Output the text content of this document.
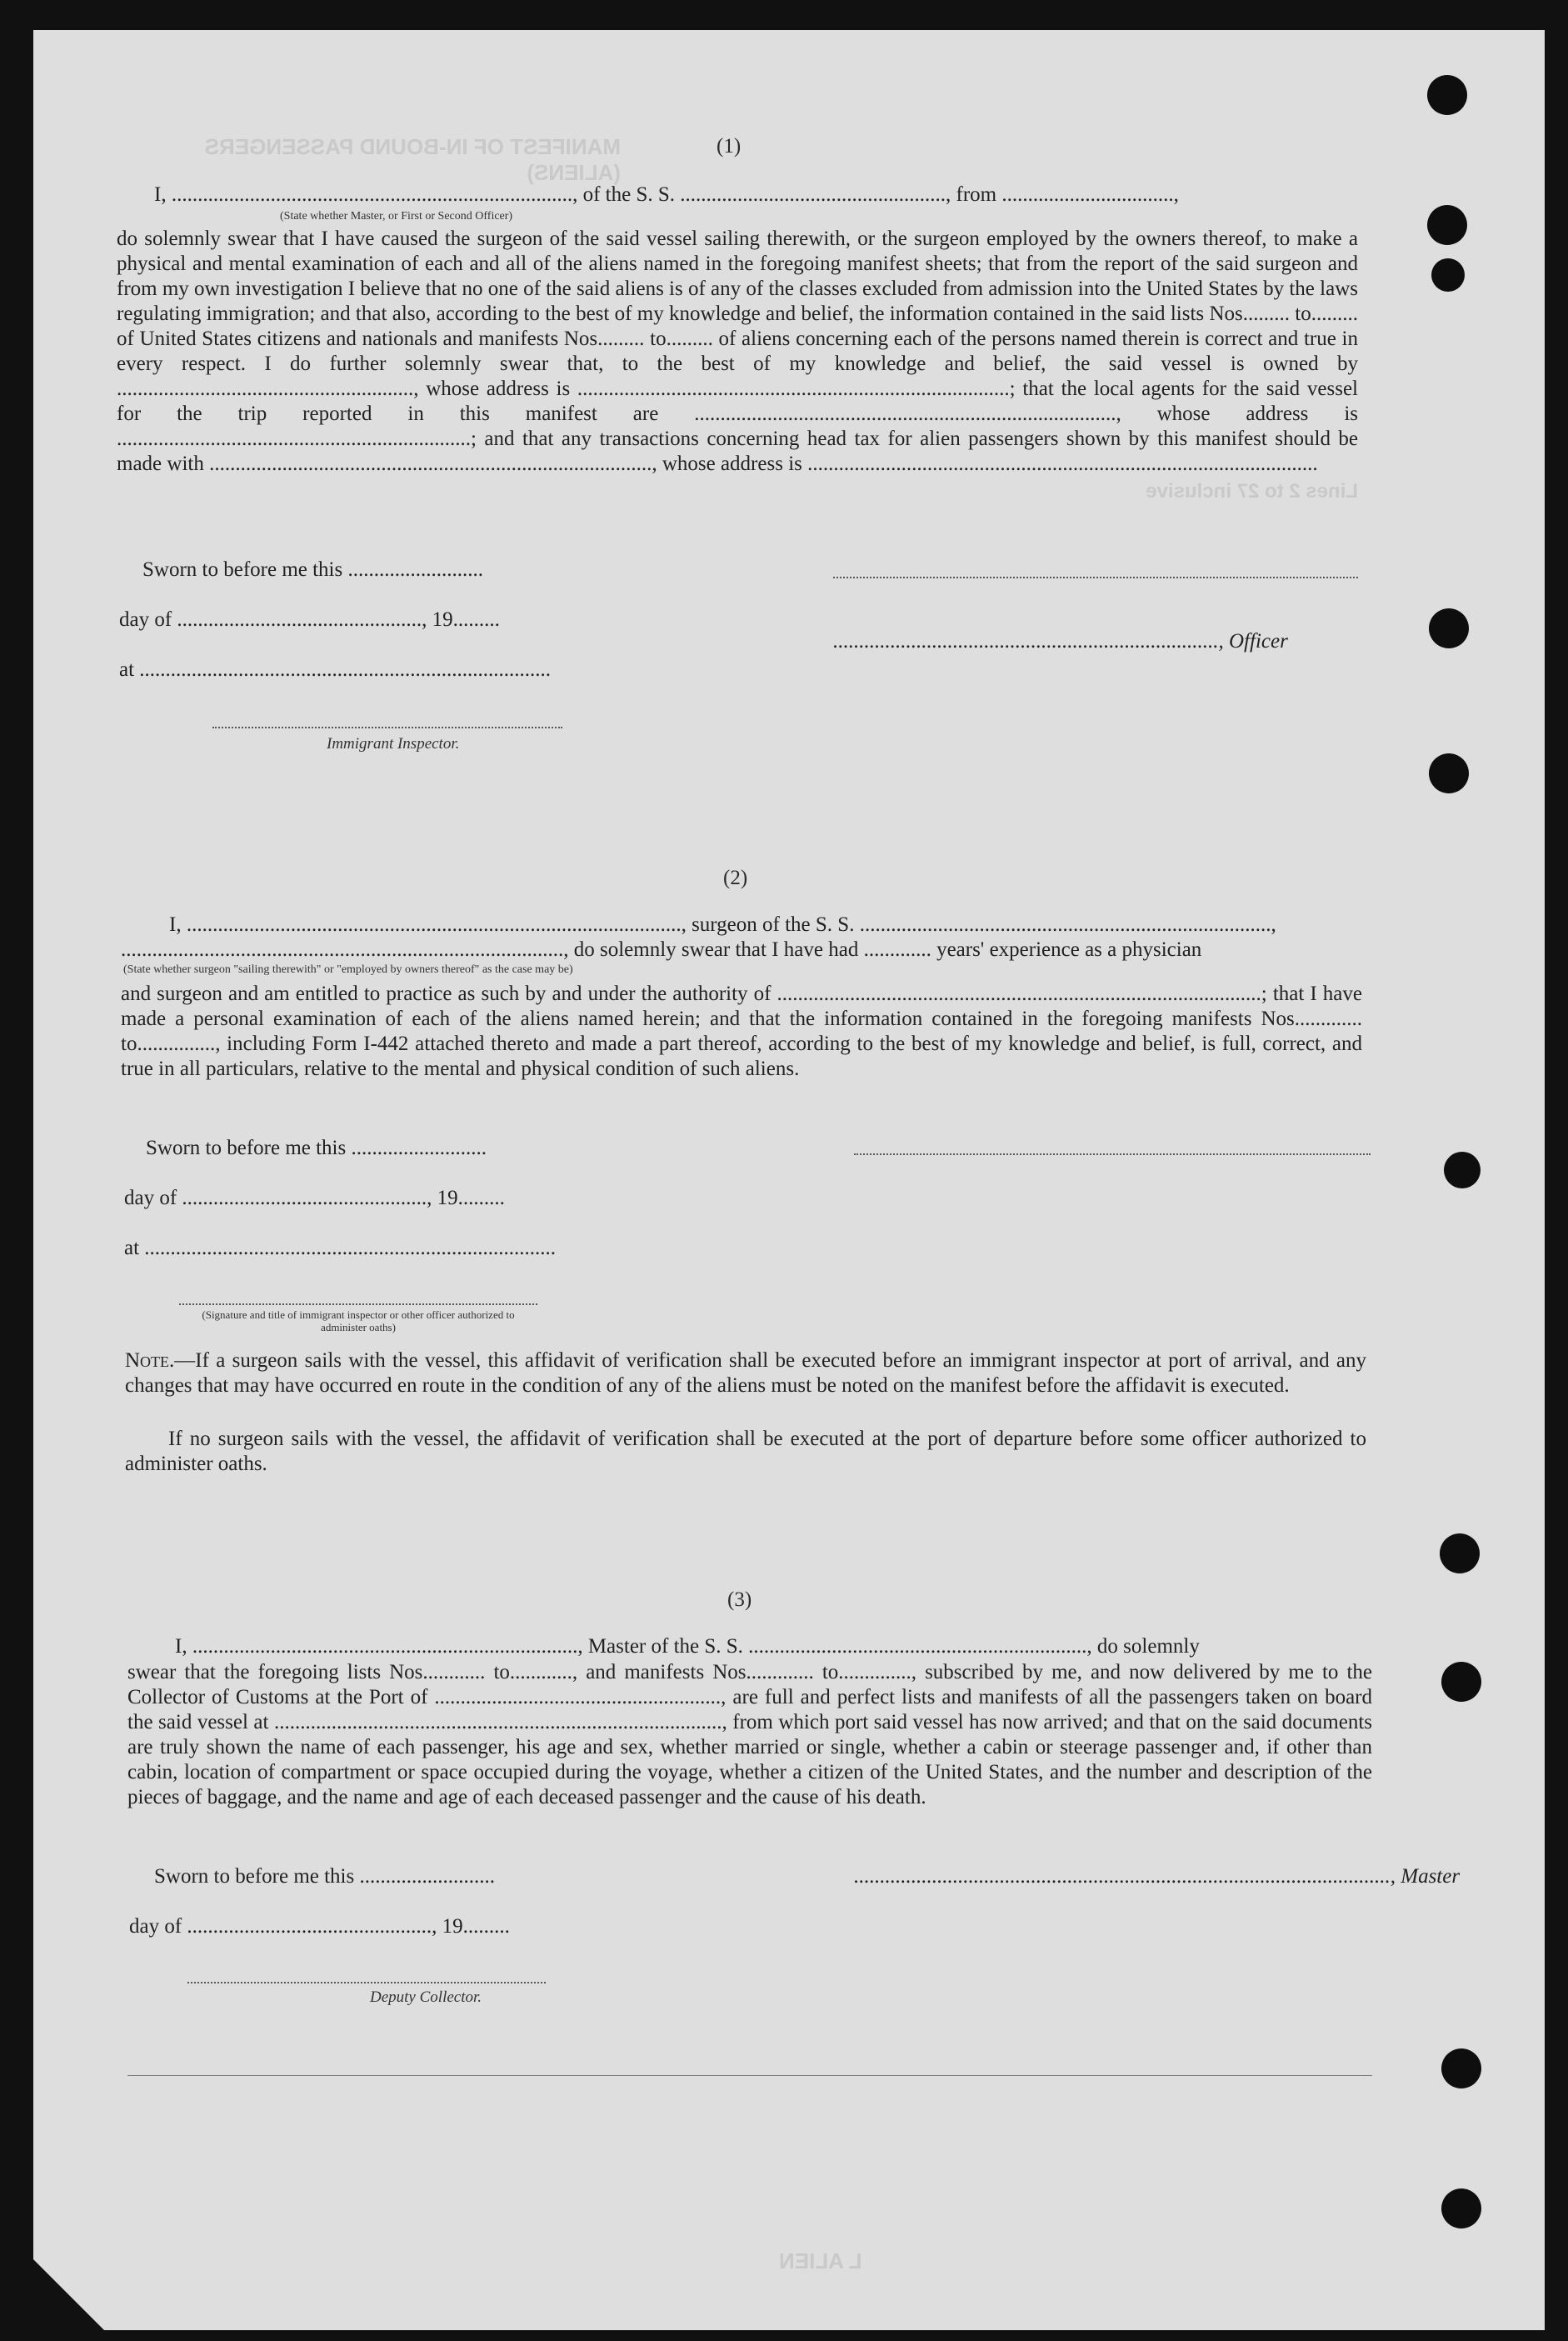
MANIFEST OF IN-BOUND PASSENGERS (ALIENS)
Lines 2 to 27 inclusive
L ALIEN
(1)
I, ............................................................................., of the S. S. ..................................................., from .................................,
(State whether Master, or First or Second Officer)
do solemnly swear that I have caused the surgeon of the said vessel sailing therewith, or the surgeon employed by the owners thereof, to make a physical and mental examination of each and all of the aliens named in the foregoing manifest sheets; that from the report of the said surgeon and from my own investigation I believe that no one of the said aliens is of any of the classes excluded from admission into the United States by the laws regulating immigration; and that also, according to the best of my knowledge and belief, the information contained in the said lists Nos......... to......... of United States citizens and nationals and manifests Nos......... to......... of aliens concerning each of the persons named therein is correct and true in every respect. I do further solemnly swear that, to the best of my knowledge and belief, the said vessel is owned by ........................................................., whose address is ...................................................................................; that the local agents for the said vessel for the trip reported in this manifest are ................................................................................., whose address is ....................................................................; and that any transactions concerning head tax for alien passengers shown by this manifest should be made with ....................................................................................., whose address is ..................................................................................................
Sworn to before me this ..........................
day of ..............................................., 19.........
at ...............................................................................
Immigrant Inspector.
.........................................................................., Officer
(2)
I, ..............................................................................................., surgeon of the S. S. ...............................................................................,
....................................................................................., do solemnly swear that I have had ............. years' experience as a physician
(State whether surgeon "sailing therewith" or "employed by owners thereof" as the case may be)
and surgeon and am entitled to practice as such by and under the authority of .............................................................................................; that I have made a personal examination of each of the aliens named herein; and that the information contained in the foregoing manifests Nos............. to..............., including Form I-442 attached thereto and made a part thereof, according to the best of my knowledge and belief, is full, correct, and true in all particulars, relative to the mental and physical condition of such aliens.
Sworn to before me this ..........................
day of ..............................................., 19.........
at ...............................................................................
(Signature and title of immigrant inspector or other officer authorized to administer oaths)
Note.—If a surgeon sails with the vessel, this affidavit of verification shall be executed before an immigrant inspector at port of arrival, and any changes that may have occurred en route in the condition of any of the aliens must be noted on the manifest before the affidavit is executed.
If no surgeon sails with the vessel, the affidavit of verification shall be executed at the port of departure before some officer authorized to administer oaths.
(3)
I, .........................................................................., Master of the S. S. ................................................................., do solemnly
swear that the foregoing lists Nos............ to............, and manifests Nos............. to.............., subscribed by me, and now delivered by me to the Collector of Customs at the Port of ......................................................., are full and perfect lists and manifests of all the passengers taken on board the said vessel at ......................................................................................, from which port said vessel has now arrived; and that on the said documents are truly shown the name of each passenger, his age and sex, whether married or single, whether a cabin or steerage passenger and, if other than cabin, location of compartment or space occupied during the voyage, whether a citizen of the United States, and the number and description of the pieces of baggage, and the name and age of each deceased passenger and the cause of his death.
Sworn to before me this ..........................
day of ..............................................., 19.........
Deputy Collector.
......................................................................................................., Master
